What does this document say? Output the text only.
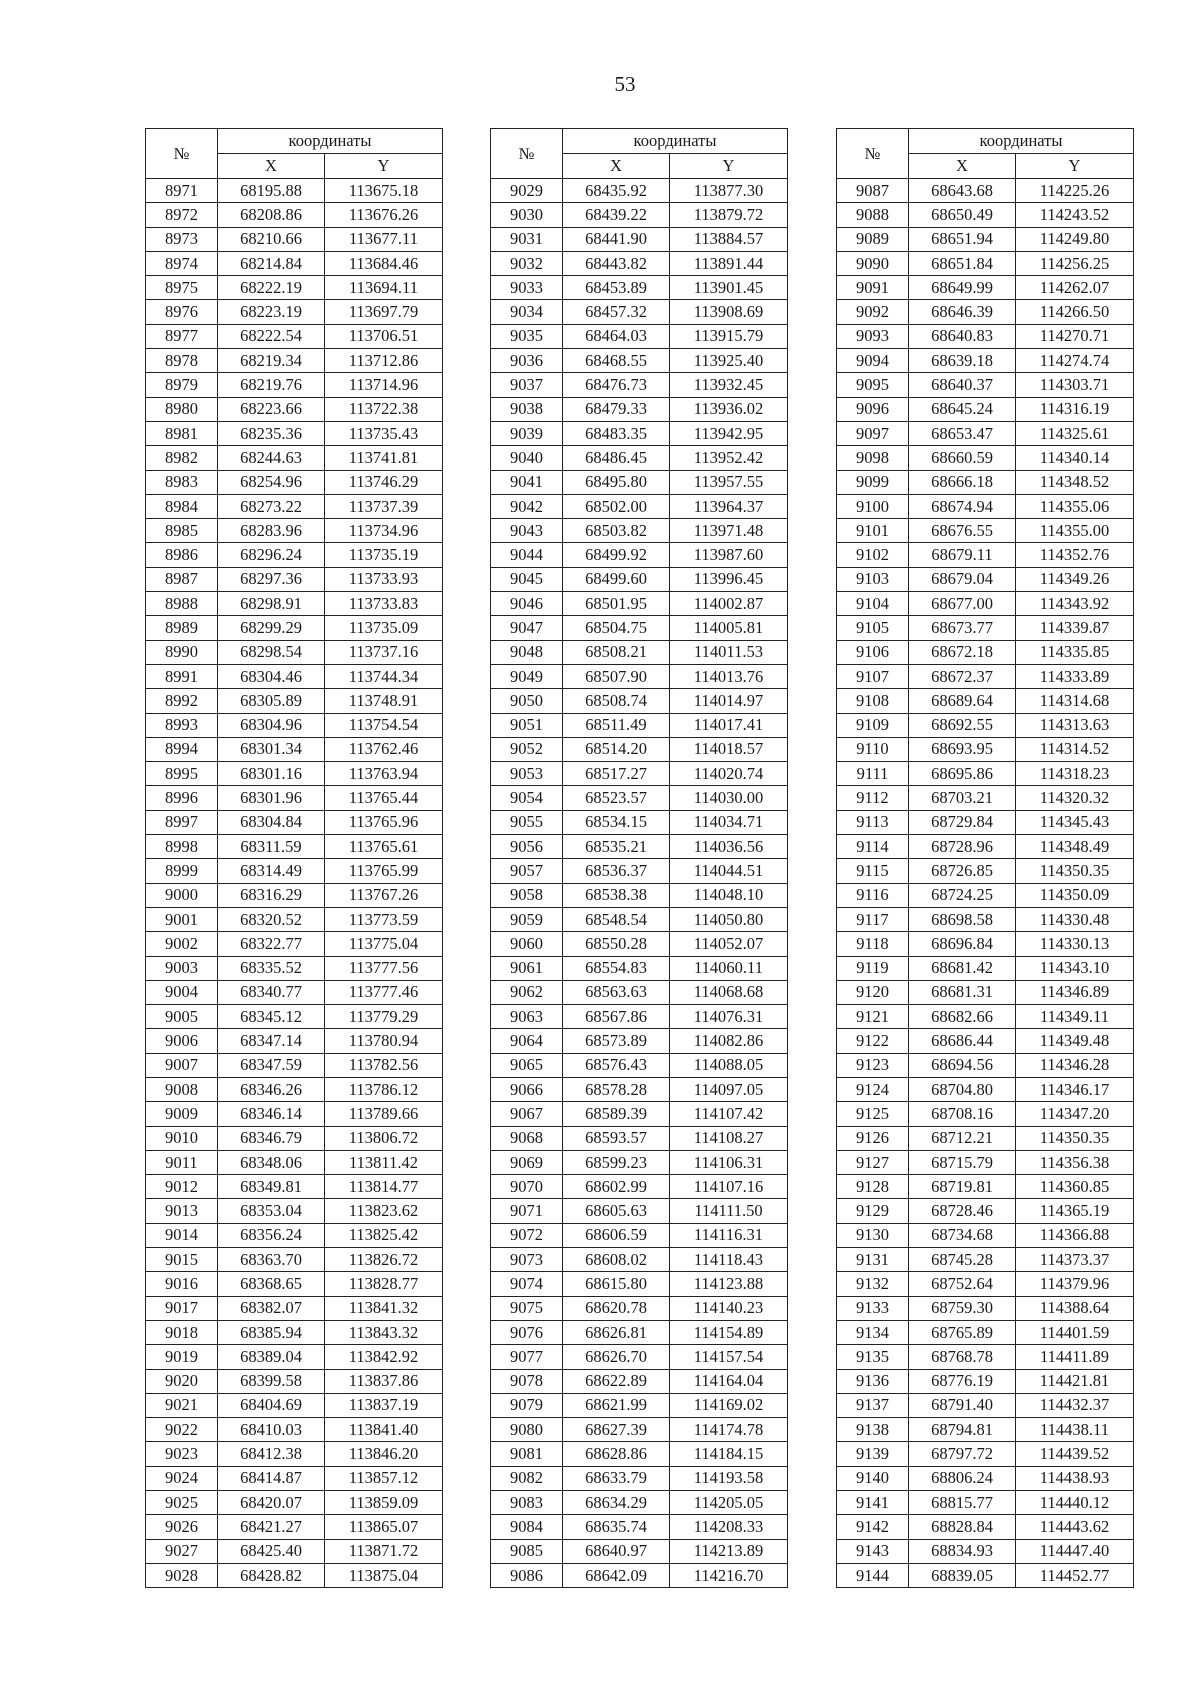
53
№	координаты	
	X	Y
8971	68195.88	113675.18
8972	68208.86	113676.26
8973	68210.66	113677.11
8974	68214.84	113684.46
8975	68222.19	113694.11
8976	68223.19	113697.79
8977	68222.54	113706.51
8978	68219.34	113712.86
8979	68219.76	113714.96
8980	68223.66	113722.38
8981	68235.36	113735.43
8982	68244.63	113741.81
8983	68254.96	113746.29
8984	68273.22	113737.39
8985	68283.96	113734.96
8986	68296.24	113735.19
8987	68297.36	113733.93
8988	68298.91	113733.83
8989	68299.29	113735.09
8990	68298.54	113737.16
8991	68304.46	113744.34
8992	68305.89	113748.91
8993	68304.96	113754.54
8994	68301.34	113762.46
8995	68301.16	113763.94
8996	68301.96	113765.44
8997	68304.84	113765.96
8998	68311.59	113765.61
8999	68314.49	113765.99
9000	68316.29	113767.26
9001	68320.52	113773.59
9002	68322.77	113775.04
9003	68335.52	113777.56
9004	68340.77	113777.46
9005	68345.12	113779.29
9006	68347.14	113780.94
9007	68347.59	113782.56
9008	68346.26	113786.12
9009	68346.14	113789.66
9010	68346.79	113806.72
9011	68348.06	113811.42
9012	68349.81	113814.77
9013	68353.04	113823.62
9014	68356.24	113825.42
9015	68363.70	113826.72
9016	68368.65	113828.77
9017	68382.07	113841.32
9018	68385.94	113843.32
9019	68389.04	113842.92
9020	68399.58	113837.86
9021	68404.69	113837.19
9022	68410.03	113841.40
9023	68412.38	113846.20
9024	68414.87	113857.12
9025	68420.07	113859.09
9026	68421.27	113865.07
9027	68425.40	113871.72
9028	68428.82	113875.04
№	координаты	
	X	Y
9029	68435.92	113877.30
9030	68439.22	113879.72
9031	68441.90	113884.57
9032	68443.82	113891.44
9033	68453.89	113901.45
9034	68457.32	113908.69
9035	68464.03	113915.79
9036	68468.55	113925.40
9037	68476.73	113932.45
9038	68479.33	113936.02
9039	68483.35	113942.95
9040	68486.45	113952.42
9041	68495.80	113957.55
9042	68502.00	113964.37
9043	68503.82	113971.48
9044	68499.92	113987.60
9045	68499.60	113996.45
9046	68501.95	114002.87
9047	68504.75	114005.81
9048	68508.21	114011.53
9049	68507.90	114013.76
9050	68508.74	114014.97
9051	68511.49	114017.41
9052	68514.20	114018.57
9053	68517.27	114020.74
9054	68523.57	114030.00
9055	68534.15	114034.71
9056	68535.21	114036.56
9057	68536.37	114044.51
9058	68538.38	114048.10
9059	68548.54	114050.80
9060	68550.28	114052.07
9061	68554.83	114060.11
9062	68563.63	114068.68
9063	68567.86	114076.31
9064	68573.89	114082.86
9065	68576.43	114088.05
9066	68578.28	114097.05
9067	68589.39	114107.42
9068	68593.57	114108.27
9069	68599.23	114106.31
9070	68602.99	114107.16
9071	68605.63	114111.50
9072	68606.59	114116.31
9073	68608.02	114118.43
9074	68615.80	114123.88
9075	68620.78	114140.23
9076	68626.81	114154.89
9077	68626.70	114157.54
9078	68622.89	114164.04
9079	68621.99	114169.02
9080	68627.39	114174.78
9081	68628.86	114184.15
9082	68633.79	114193.58
9083	68634.29	114205.05
9084	68635.74	114208.33
9085	68640.97	114213.89
9086	68642.09	114216.70
№	координаты	
	X	Y
9087	68643.68	114225.26
9088	68650.49	114243.52
9089	68651.94	114249.80
9090	68651.84	114256.25
9091	68649.99	114262.07
9092	68646.39	114266.50
9093	68640.83	114270.71
9094	68639.18	114274.74
9095	68640.37	114303.71
9096	68645.24	114316.19
9097	68653.47	114325.61
9098	68660.59	114340.14
9099	68666.18	114348.52
9100	68674.94	114355.06
9101	68676.55	114355.00
9102	68679.11	114352.76
9103	68679.04	114349.26
9104	68677.00	114343.92
9105	68673.77	114339.87
9106	68672.18	114335.85
9107	68672.37	114333.89
9108	68689.64	114314.68
9109	68692.55	114313.63
9110	68693.95	114314.52
9111	68695.86	114318.23
9112	68703.21	114320.32
9113	68729.84	114345.43
9114	68728.96	114348.49
9115	68726.85	114350.35
9116	68724.25	114350.09
9117	68698.58	114330.48
9118	68696.84	114330.13
9119	68681.42	114343.10
9120	68681.31	114346.89
9121	68682.66	114349.11
9122	68686.44	114349.48
9123	68694.56	114346.28
9124	68704.80	114346.17
9125	68708.16	114347.20
9126	68712.21	114350.35
9127	68715.79	114356.38
9128	68719.81	114360.85
9129	68728.46	114365.19
9130	68734.68	114366.88
9131	68745.28	114373.37
9132	68752.64	114379.96
9133	68759.30	114388.64
9134	68765.89	114401.59
9135	68768.78	114411.89
9136	68776.19	114421.81
9137	68791.40	114432.37
9138	68794.81	114438.11
9139	68797.72	114439.52
9140	68806.24	114438.93
9141	68815.77	114440.12
9142	68828.84	114443.62
9143	68834.93	114447.40
9144	68839.05	114452.77
